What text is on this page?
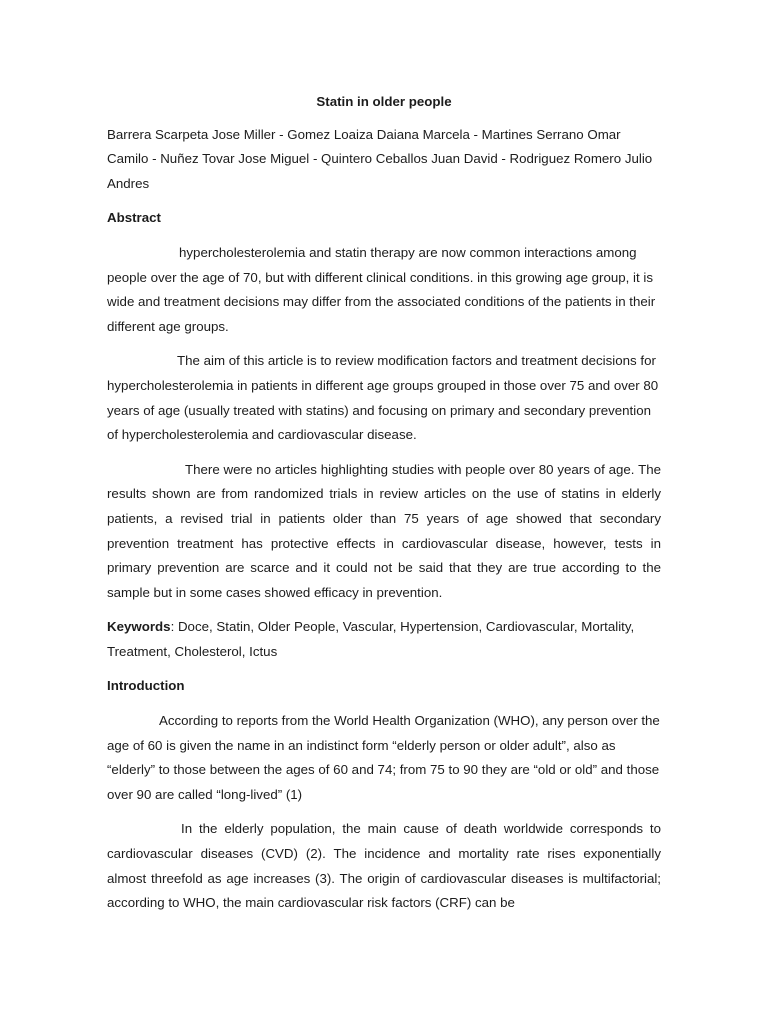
Statin in older people
Barrera Scarpeta Jose Miller - Gomez Loaiza Daiana Marcela - Martines Serrano Omar Camilo - Nuñez Tovar Jose Miguel - Quintero Ceballos Juan David - Rodriguez Romero Julio Andres
Abstract

hypercholesterolemia and statin therapy are now common interactions among people over the age of 70, but with different clinical conditions. in this growing age group, it is wide and treatment decisions may differ from the associated conditions of the patients in their different age groups.

The aim of this article is to review modification factors and treatment decisions for hypercholesterolemia in patients in different age groups grouped in those over 75 and over 80 years of age (usually treated with statins) and focusing on primary and secondary prevention of hypercholesterolemia and cardiovascular disease.

There were no articles highlighting studies with people over 80 years of age. The results shown are from randomized trials in review articles on the use of statins in elderly patients, a revised trial in patients older than 75 years of age showed that secondary prevention treatment has protective effects in cardiovascular disease, however, tests in primary prevention are scarce and it could not be said that they are true according to the sample but in some cases showed efficacy in prevention.

Keywords: Doce, Statin, Older People, Vascular, Hypertension, Cardiovascular, Mortality, Treatment, Cholesterol, Ictus

Introduction

According to reports from the World Health Organization (WHO), any person over the age of 60 is given the name in an indistinct form “elderly person or older adult”, also as “elderly” to those between the ages of 60 and 74; from 75 to 90 they are “old or old” and those over 90 are called “long-lived” (1)

In the elderly population, the main cause of death worldwide corresponds to cardiovascular diseases (CVD) (2). The incidence and mortality rate rises exponentially almost threefold as age increases (3). The origin of cardiovascular diseases is multifactorial; according to WHO, the main cardiovascular risk factors (CRF) can be
